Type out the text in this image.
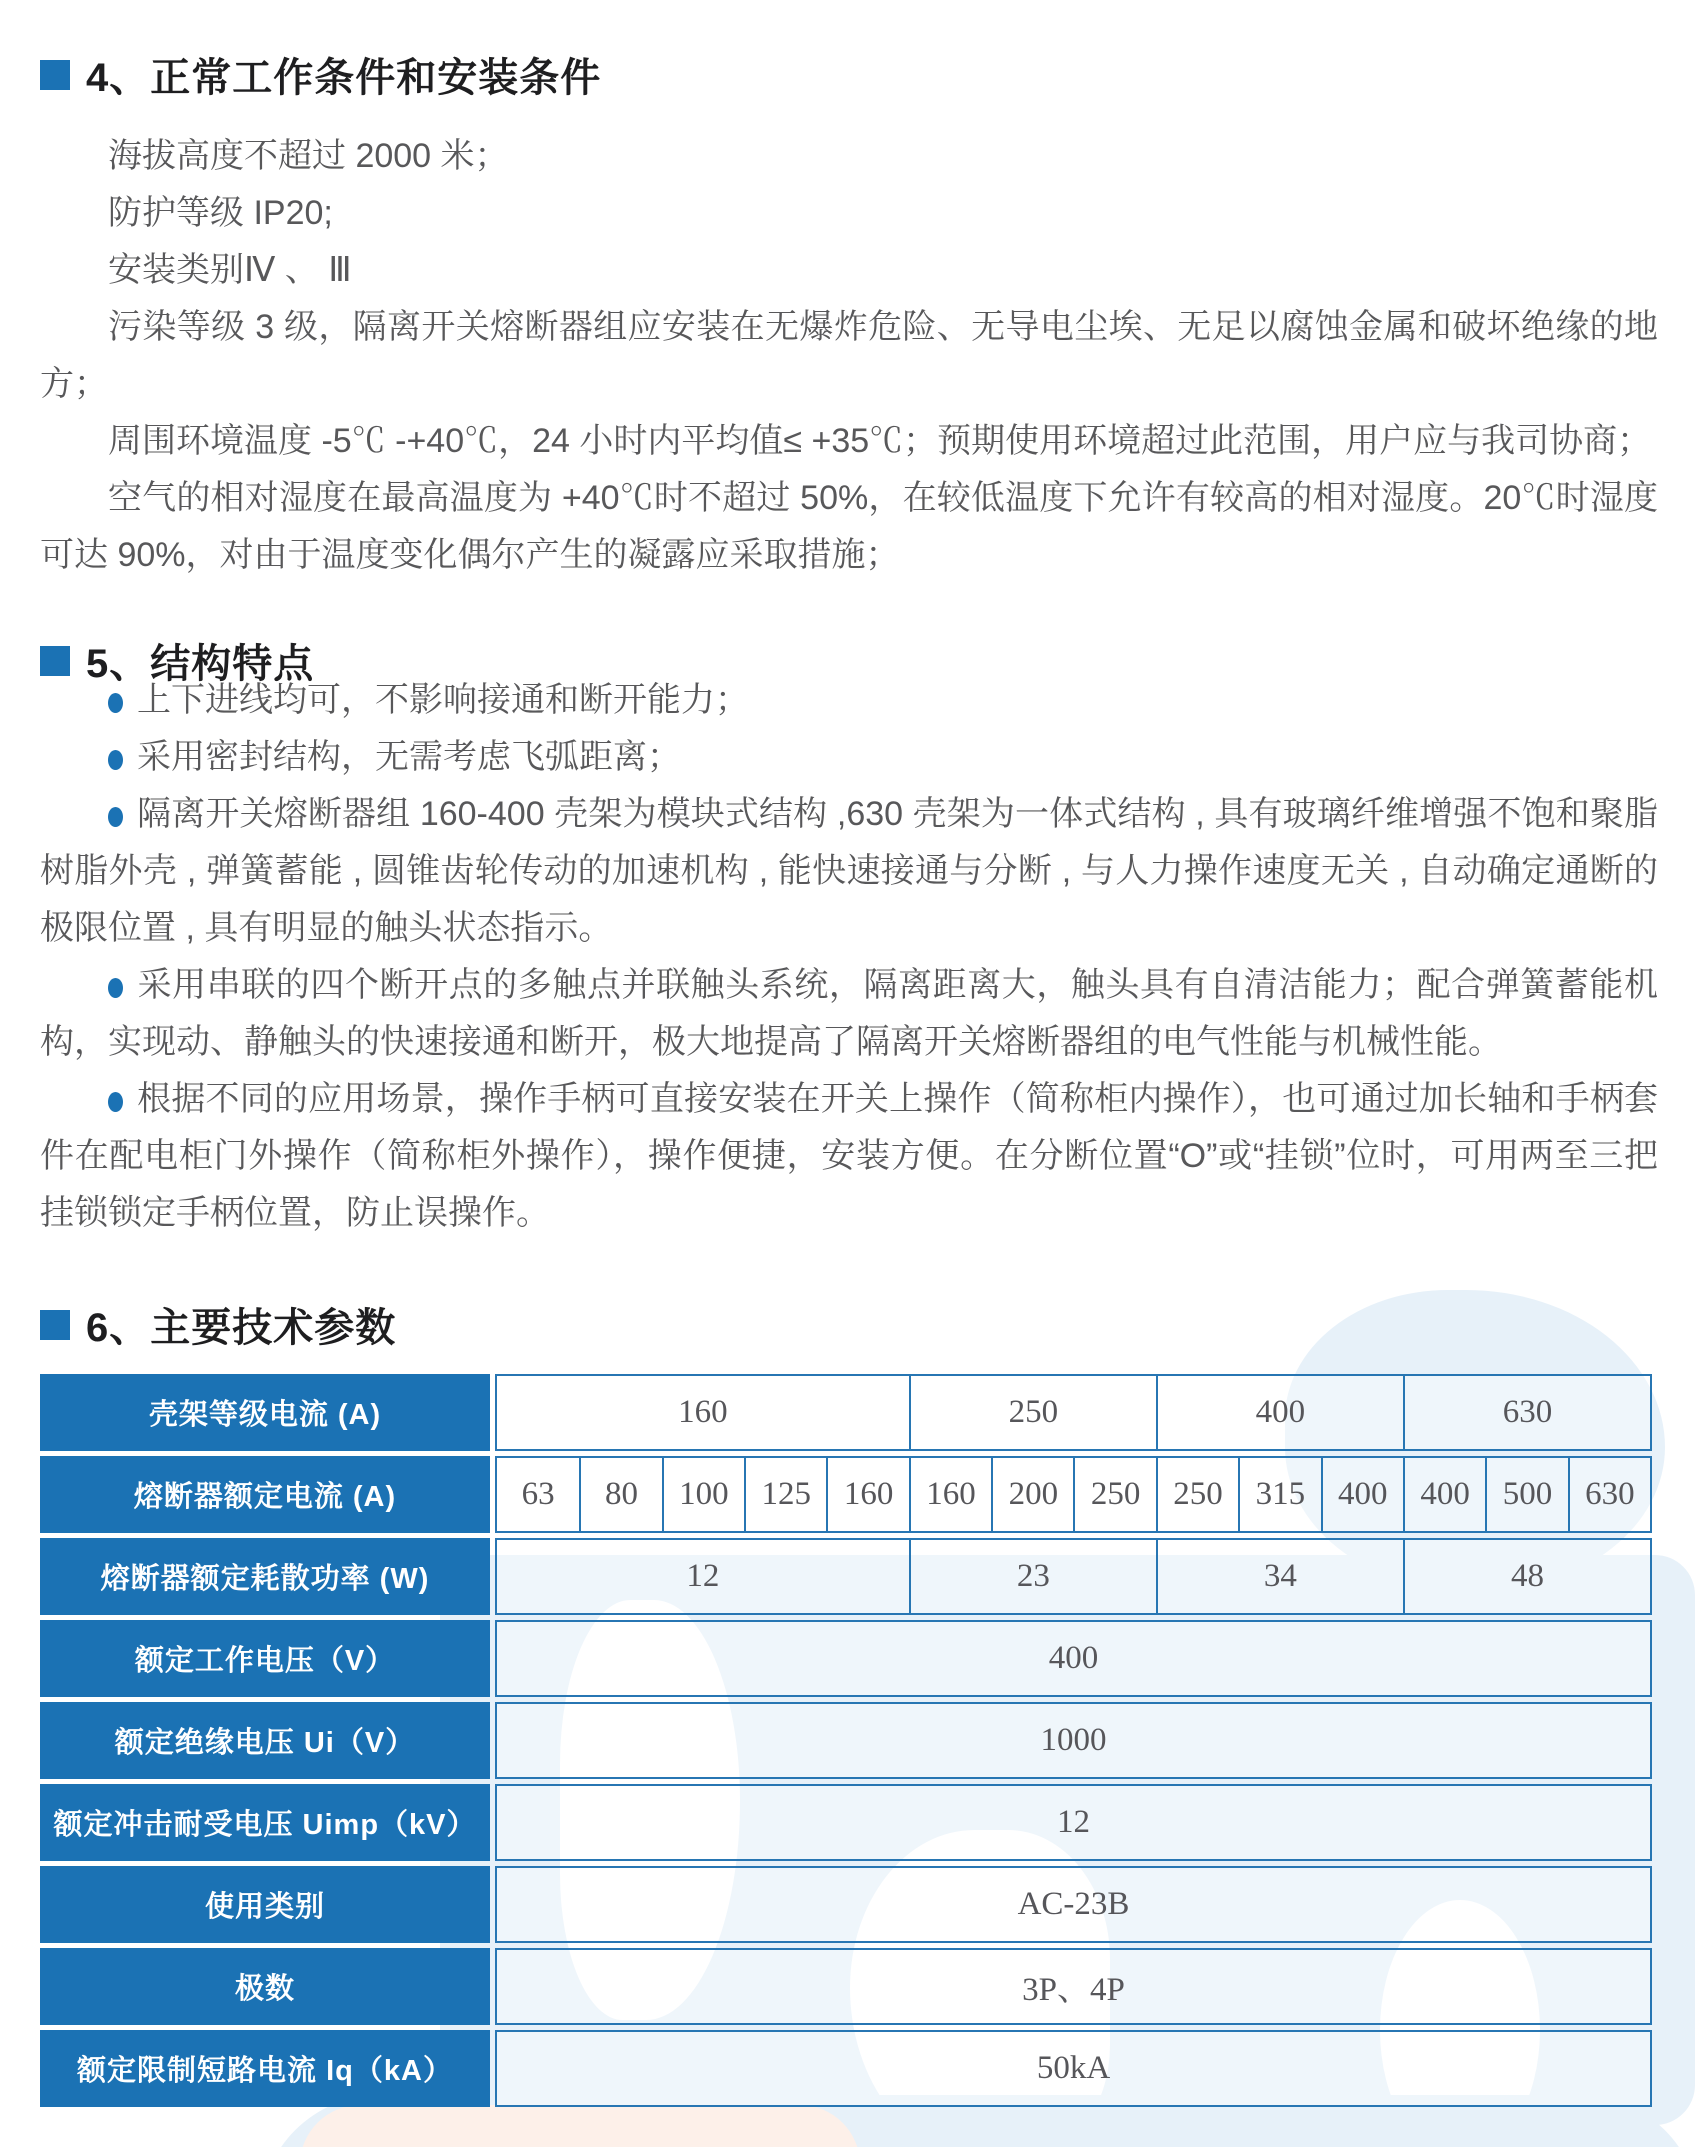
4、正常工作条件和安装条件

海拔高度不超过 2000 米；

防护等级 IP20;

安装类别Ⅳ 、 Ⅲ

污染等级 3 级，隔离开关熔断器组应安装在无爆炸危险、无导电尘埃、无足以腐蚀金属和破坏绝缘的地方；

周围环境温度 -5℃ -+40℃，24 小时内平均值≤ +35℃；预期使用环境超过此范围，用户应与我司协商；

空气的相对湿度在最高温度为 +40℃时不超过 50%，在较低温度下允许有较高的相对湿度。20℃时湿度可达 90%，对由于温度变化偶尔产生的凝露应采取措施；

5、结构特点

上下进线均可，不影响接通和断开能力；

采用密封结构，无需考虑飞弧距离；

隔离开关熔断器组 160-400 壳架为模块式结构 ,630 壳架为一体式结构 , 具有玻璃纤维增强不饱和聚脂树脂外壳 , 弹簧蓄能 , 圆锥齿轮传动的加速机构 , 能快速接通与分断 , 与人力操作速度无关 , 自动确定通断的极限位置 , 具有明显的触头状态指示。

采用串联的四个断开点的多触点并联触头系统，隔离距离大，触头具有自清洁能力；配合弹簧蓄能机构，实现动、静触头的快速接通和断开，极大地提高了隔离开关熔断器组的电气性能与机械性能。

根据不同的应用场景，操作手柄可直接安装在开关上操作（简称柜内操作），也可通过加长轴和手柄套件在配电柜门外操作（简称柜外操作），操作便捷，安装方便。在分断位置“O”或“挂锁”位时，可用两至三把挂锁锁定手柄位置，防止误操作。

6、主要技术参数
壳架等级电流 (A)	160	250	400	630
熔断器额定电流 (A)	63	80	100 125 160 160 200 250 250 315 400 400 500 630
熔断器额定耗散功率 (W)	12	23	34	48
额定工作电压（V）	400
额定绝缘电压 Ui（V）	1000
额定冲击耐受电压 Uimp（kV）	12
使用类别	AC-23B
极数	3P、4P
额定限制短路电流 Iq（kA）	50kA
